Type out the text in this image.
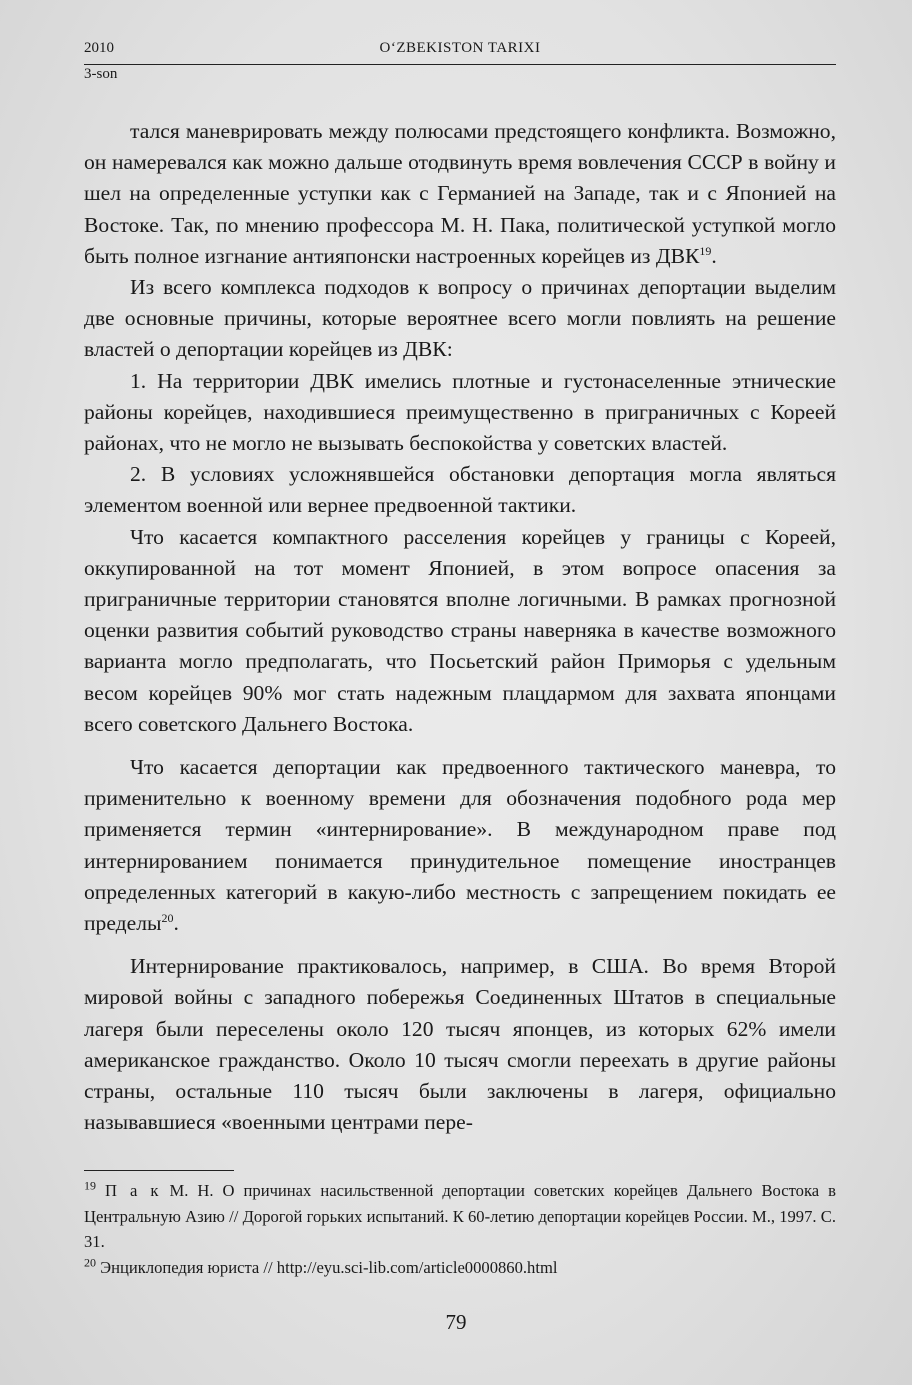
2010	O‘ZBEKISTON TARIXI
3-son

тался маневрировать между полюсами предстоящего конфликта. Возможно, он намеревался как можно дальше отодвинуть время вовлечения СССР в войну и шел на определенные уступки как с Германией на Западе, так и с Японией на Востоке. Так, по мнению профессора М. Н. Пака, политической уступкой могло быть полное изгнание антияпонски настроенных корейцев из ДВК$^{19}$.

Из всего комплекса подходов к вопросу о причинах депортации выделим две основные причины, которые вероятнее всего могли повлиять на решение властей о депортации корейцев из ДВК:

1. На территории ДВК имелись плотные и густонаселенные этнические районы корейцев, находившиеся преимущественно в приграничных с Кореей районах, что не могло не вызывать беспокойства у советских властей.

2. В условиях усложнявшейся обстановки депортация могла являться элементом военной или вернее предвоенной тактики.

Что касается компактного расселения корейцев у границы с Кореей, оккупированной на тот момент Японией, в этом вопросе опасения за приграничные территории становятся вполне логичными. В рамках прогнозной оценки развития событий руководство страны наверняка в качестве возможного варианта могло предполагать, что Посьетский район Приморья с удельным весом корейцев 90% мог стать надежным плацдармом для захвата японцами всего советского Дальнего Востока.

Что касается депортации как предвоенного тактического маневра, то применительно к военному времени для обозначения подобного рода мер применяется термин «интернирование». В международном праве под интернированием понимается принудительное помещение иностранцев определенных категорий в какую-либо местность с запрещением покидать ее пределы$^{20}$.

Интернирование практиковалось, например, в США. Во время Второй мировой войны с западного побережья Соединенных Штатов в специальные лагеря были переселены около 120 тысяч японцев, из которых 62% имели американское гражданство. Около 10 тысяч смогли переехать в другие районы страны, остальные 110 тысяч были заключены в лагеря, официально называвшиеся «военными центрами пере-

$^{19}$ П а к М. Н. О причинах насильственной депортации советских корейцев Дальнего Востока в Центральную Азию // Дорогой горьких испытаний. К 60-летию депортации корейцев России. М., 1997. С. 31.

$^{20}$ Энциклопедия юриста // http://eyu.sci-lib.com/article0000860.html

79
